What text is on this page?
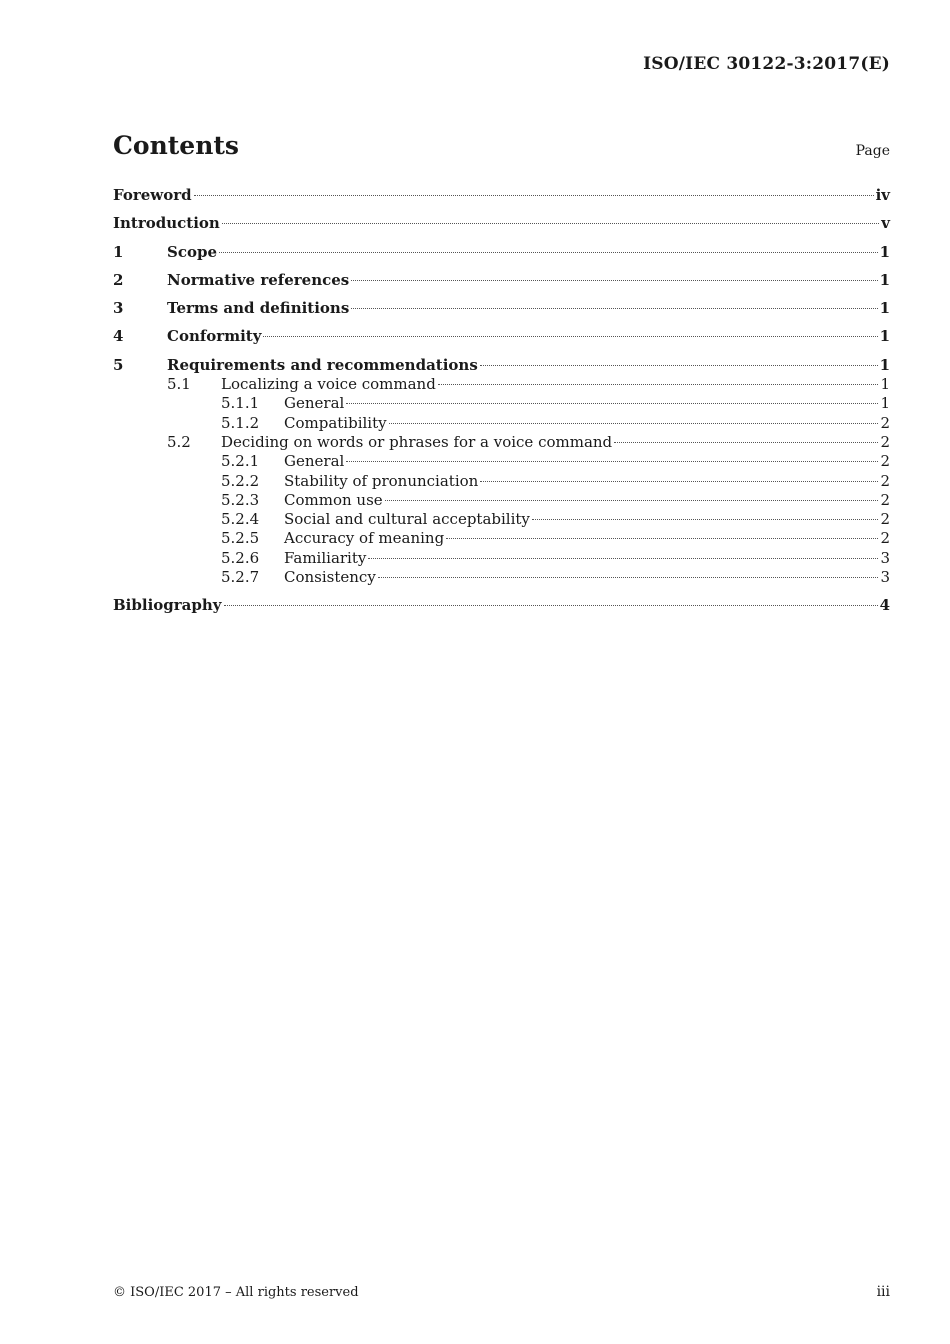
ISO/IEC 30122-3:2017(E)
Contents	Page
Foreword	iv
Introduction	v
1	Scope	1
2	Normative references	1
3	Terms and definitions	1
4	Conformity	1
5	Requirements and recommendations	1
5.1	Localizing a voice command	1
5.1.1	General	1
5.1.2	Compatibility	2
5.2	Deciding on words or phrases for a voice command	2
5.2.1	General	2
5.2.2	Stability of pronunciation	2
5.2.3	Common use	2
5.2.4	Social and cultural acceptability	2
5.2.5	Accuracy of meaning	2
5.2.6	Familiarity	3
5.2.7	Consistency	3
Bibliography	4
© ISO/IEC 2017 – All rights reserved	iii
